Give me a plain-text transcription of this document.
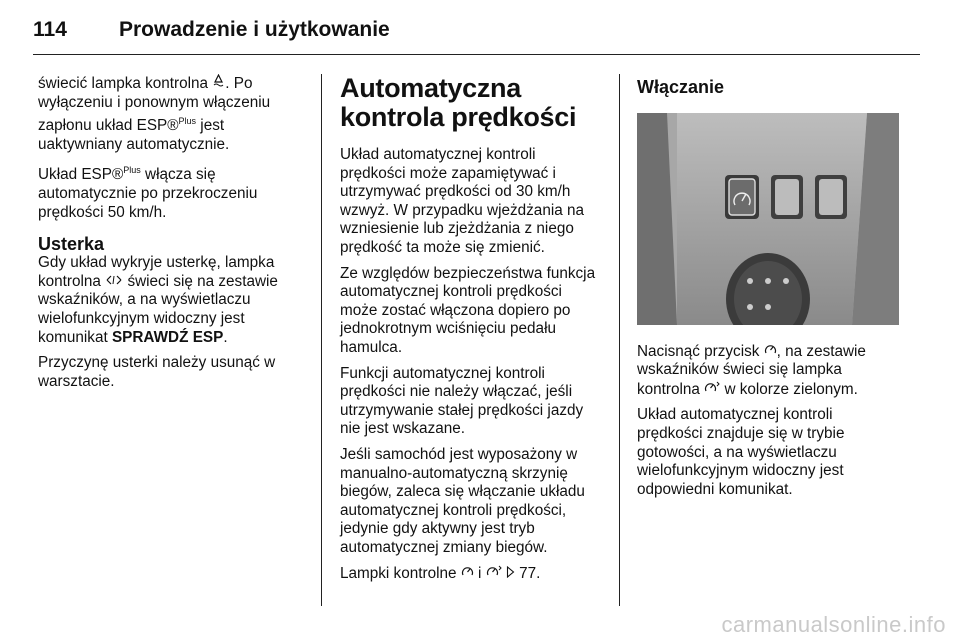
114 Prowadzenie i użytkowanie

świecić lampka kontrolna . Po wyłączeniu i ponownym włączeniu zapłonu układ ESP®$^{Plus}$ jest uaktywniany automatycznie.

Układ ESP®$^{Plus}$ włącza się automatycznie po przekroczeniu prędkości 50 km/h.

Usterka

Gdy układ wykryje usterkę, lampka kontrolna świeci się na zestawie wskaźników, a na wyświetlaczu wielofunkcyjnym widoczny jest komunikat SPRAWDŹ ESP.

Przyczynę usterki należy usunąć w warsztacie.

Automatyczna kontrola prędkości

Układ automatycznej kontroli prędkości może zapamiętywać i utrzymywać prędkości od 30 km/h wzwyż. W przypadku wjeżdżania na wzniesienie lub zjeżdżania z niego prędkość ta może się zmienić.

Ze względów bezpieczeństwa funkcja automatycznej kontroli prędkości może zostać włączona dopiero po jednokrotnym wciśnięciu pedału hamulca.

Funkcji automatycznej kontroli prędkości nie należy włączać, jeśli utrzymywanie stałej prędkości jazdy nie jest wskazane.

Jeśli samochód jest wyposażony w manualno-automatyczną skrzynię biegów, zaleca się włączanie układu automatycznej kontroli prędkości, jedynie gdy aktywny jest tryb automatycznej zmiany biegów.

Lampki kontrolne i 77.

Włączanie

Nacisnąć przycisk , na zestawie wskaźników świeci się lampka kontrolna w kolorze zielonym.

Układ automatycznej kontroli prędkości znajduje się w trybie gotowości, a na wyświetlaczu wielofunkcyjnym widoczny jest odpowiedni komunikat.

carmanualsonline.info
